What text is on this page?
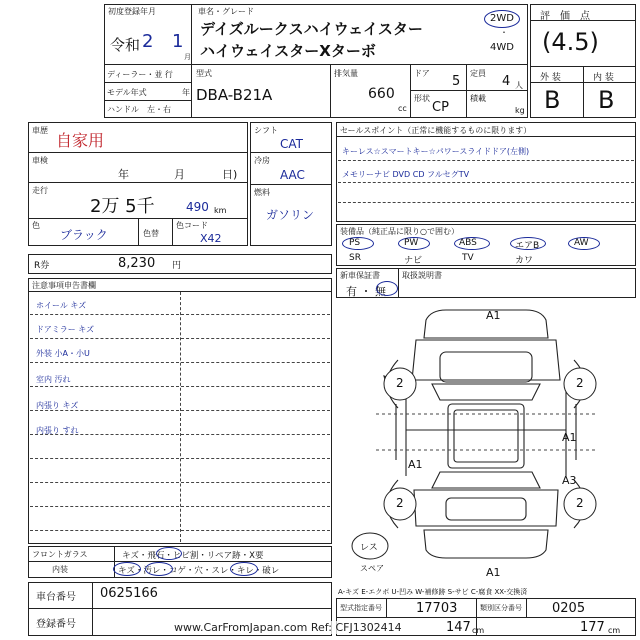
初度登録年月
令和 2 1
月
車名・グレード
デイズルークスハイウェイスター
ハイウェイスターXターボ
2WD
・
4WD
ディーラー・並 行
モデル年式	年
ハンドル　左・右
型式
DBA-B21A
排気量
660
cc
ドア
5
定員
4 人
形状
CP
積載
kg
評　価　点
(4.5)
外 装	内 装
B B
車歴
自家用
車検
年	月	日)
走行
2万 5千	490 km
色
ブラック	色替
色コード
X42
シフト
CAT
冷房
AAC
燃料
ガソリン
セールスポイント（正常に機能するものに限ります）
キーレス☆スマートキー☆パワースライドドア(左側)
メモリーナビ DVD CD フルセグTV
装備品（純正品に限り○で囲む）
PS	PW	ABS	エアB	AW
SR	ナビ	TV	カワ
新車保証書	取扱説明書
有 ・ 無
R券	8,230 円
注意事項申告書欄
ホイール キズ
ドアミラー キズ
外装 小A・小U
室内 汚れ
内張り キズ
内張り すれ
フロントガラス	キズ・飛石・ヒビ割・リペア跡・X要
内装	キズ・汚レ・コゲ・穴・スレ・キレ・破レ
車台番号 0625166
登録番号
A-キズ E-エクボ U-凹み W-補修跡 S-サビ C-腐食 XX-交換済
型式指定番号	17703	類別区分番号 0205
147 cm	177 cm
www.CarFromJapan.com Ref: CFJ1302414
A1
A1
A1
A3
A1
2	2
2	2
レス
スペア
